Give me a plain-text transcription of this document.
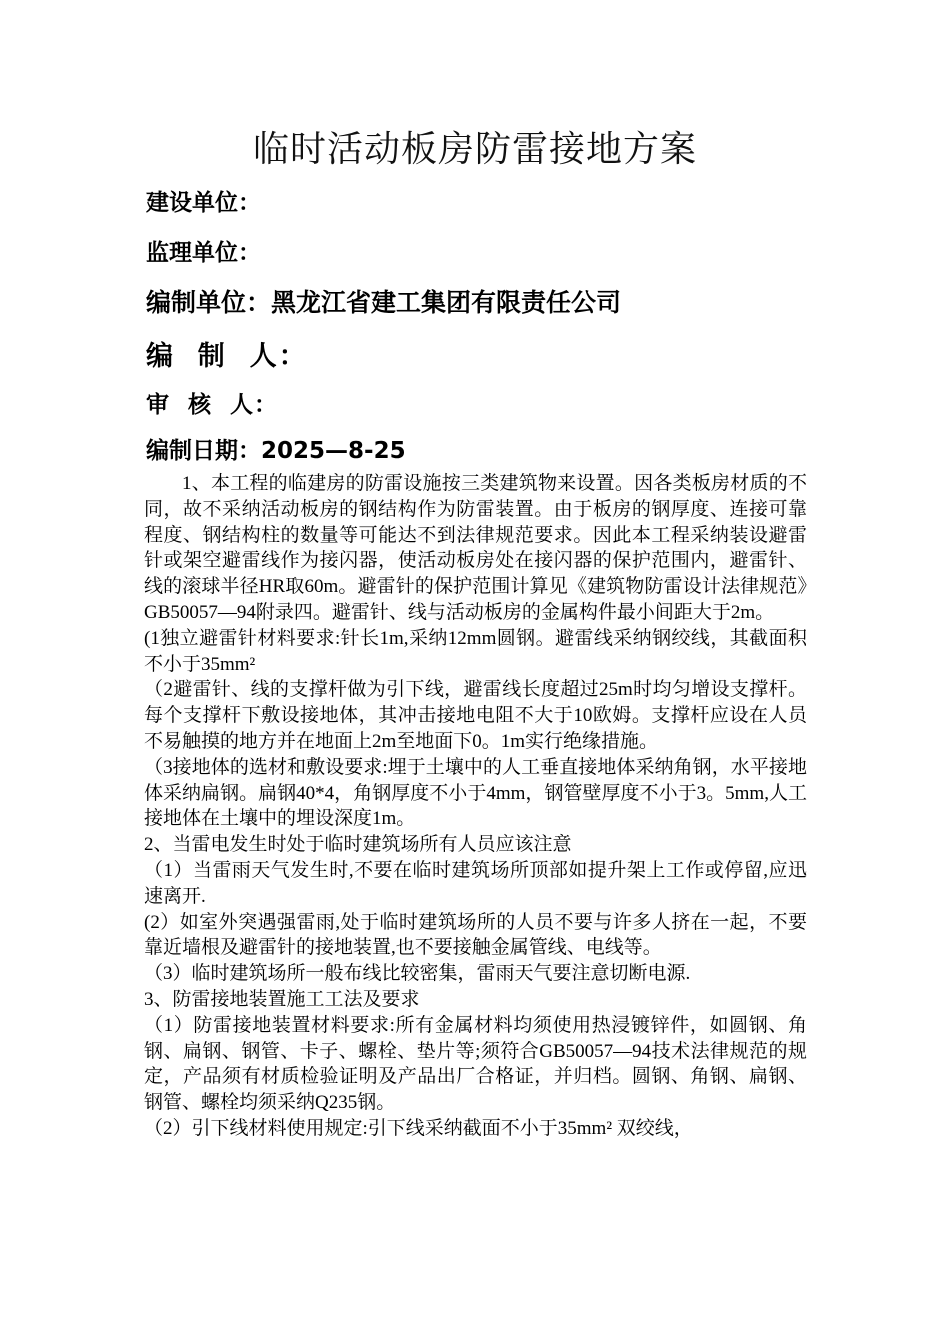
临时活动板房防雷接地方案
建设单位：
监理单位：
编制单位：黑龙江省建工集团有限责任公司
编  制  人：
审  核  人：
编制日期：2025—8-25

1、本工程的临建房的防雷设施按三类建筑物来设置。因各类板房材质的不同，故不采纳活动板房的钢结构作为防雷装置。由于板房的钢厚度、连接可靠程度、钢结构柱的数量等可能达不到法律规范要求。因此本工程采纳装设避雷针或架空避雷线作为接闪器，使活动板房处在接闪器的保护范围内，避雷针、线的滚球半径HR取60m。避雷针的保护范围计算见《建筑物防雷设计法律规范》GB50057—94附录四。避雷针、线与活动板房的金属构件最小间距大于2m。

(1独立避雷针材料要求:针长1m,采纳12mm圆钢。避雷线采纳钢绞线，其截面积不小于35mm²

（2避雷针、线的支撑杆做为引下线，避雷线长度超过25m时均匀增设支撑杆。每个支撑杆下敷设接地体，其冲击接地电阻不大于10欧姆。支撑杆应设在人员不易触摸的地方并在地面上2m至地面下0。1m实行绝缘措施。

（3接地体的选材和敷设要求:埋于土壤中的人工垂直接地体采纳角钢，水平接地体采纳扁钢。扁钢40*4，角钢厚度不小于4mm，钢管壁厚度不小于3。5mm,人工接地体在土壤中的埋设深度1m。

2、当雷电发生时处于临时建筑场所有人员应该注意

（1）当雷雨天气发生时,不要在临时建筑场所顶部如提升架上工作或停留,应迅速离开.

(2）如室外突遇强雷雨,处于临时建筑场所的人员不要与许多人挤在一起，不要靠近墙根及避雷针的接地装置,也不要接触金属管线、电线等。

（3）临时建筑场所一般布线比较密集，雷雨天气要注意切断电源.

3、防雷接地装置施工工法及要求

（1）防雷接地装置材料要求:所有金属材料均须使用热浸镀锌件，如圆钢、角钢、扁钢、钢管、卡子、螺栓、垫片等;须符合GB50057—94技术法律规范的规定，产品须有材质检验证明及产品出厂合格证，并归档。圆钢、角钢、扁钢、钢管、螺栓均须采纳Q235钢。

（2）引下线材料使用规定:引下线采纳截面不小于35mm² 双绞线，
